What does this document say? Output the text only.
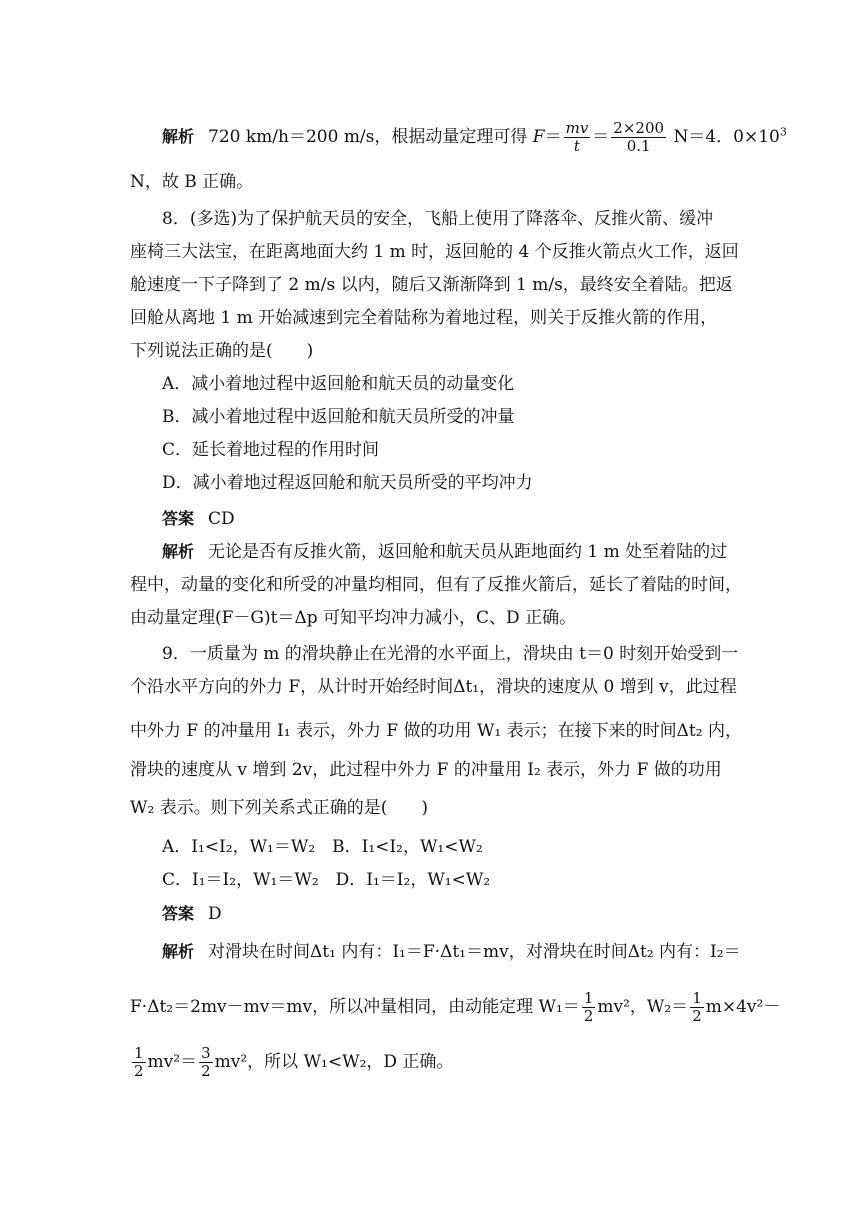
解析 720 km/h＝200 m/s，根据动量定理可得 $F= \frac{mv}{t} = \frac{2\times 200}{0.1} N=4$．$0\times 10^3$
N，故 B 正确。
8．(多选)为了保护航天员的安全，飞船上使用了降落伞、反推火箭、缓冲
座椅三大法宝，在距离地面大约 1 m 时，返回舱的 4 个反推火箭点火工作，返回
舱速度一下子降到了 2 m/s 以内，随后又渐渐降到 1 m/s，最终安全着陆。把返
回舱从离地 1 m 开始减速到完全着陆称为着地过程，则关于反推火箭的作用，
下列说法正确的是(　　)
A．减小着地过程中返回舱和航天员的动量变化
B．减小着地过程中返回舱和航天员所受的冲量
C．延长着地过程的作用时间
D．减小着地过程返回舱和航天员所受的平均冲力
答案 CD
解析 无论是否有反推火箭，返回舱和航天员从距地面约 1 m 处至着陆的过
程中，动量的变化和所受的冲量均相同，但有了反推火箭后，延长了着陆的时间，
由动量定理(F－G)t＝Δp 可知平均冲力减小，C、D 正确。
9．一质量为 m 的滑块静止在光滑的水平面上，滑块由 t＝0 时刻开始受到一
个沿水平方向的外力 F，从计时开始经时间Δt₁，滑块的速度从 0 增到 v，此过程
中外力 F 的冲量用 I₁ 表示，外力 F 做的功用 W₁ 表示；在接下来的时间Δt₂ 内，
滑块的速度从 v 增到 2v，此过程中外力 F 的冲量用 I₂ 表示，外力 F 做的功用
W₂ 表示。则下列关系式正确的是(　　)
A．I₁<I₂，W₁＝W₂　B．I₁<I₂，W₁<W₂
C．I₁＝I₂，W₁＝W₂　D．I₁＝I₂，W₁<W₂
答案 D
解析 对滑块在时间Δt₁ 内有：I₁＝F·Δt₁＝mv，对滑块在时间Δt₂ 内有：I₂＝
F·Δt₂＝2mv－mv＝mv，所以冲量相同，由动能定理 $W_1= \frac{1}{2} mv^2$，$W_2= \frac{1}{2} m\times 4v^2-$
$\frac{1}{2} mv^2= \frac{3}{2} mv^2$，所以 W₁<W₂，D 正确。
